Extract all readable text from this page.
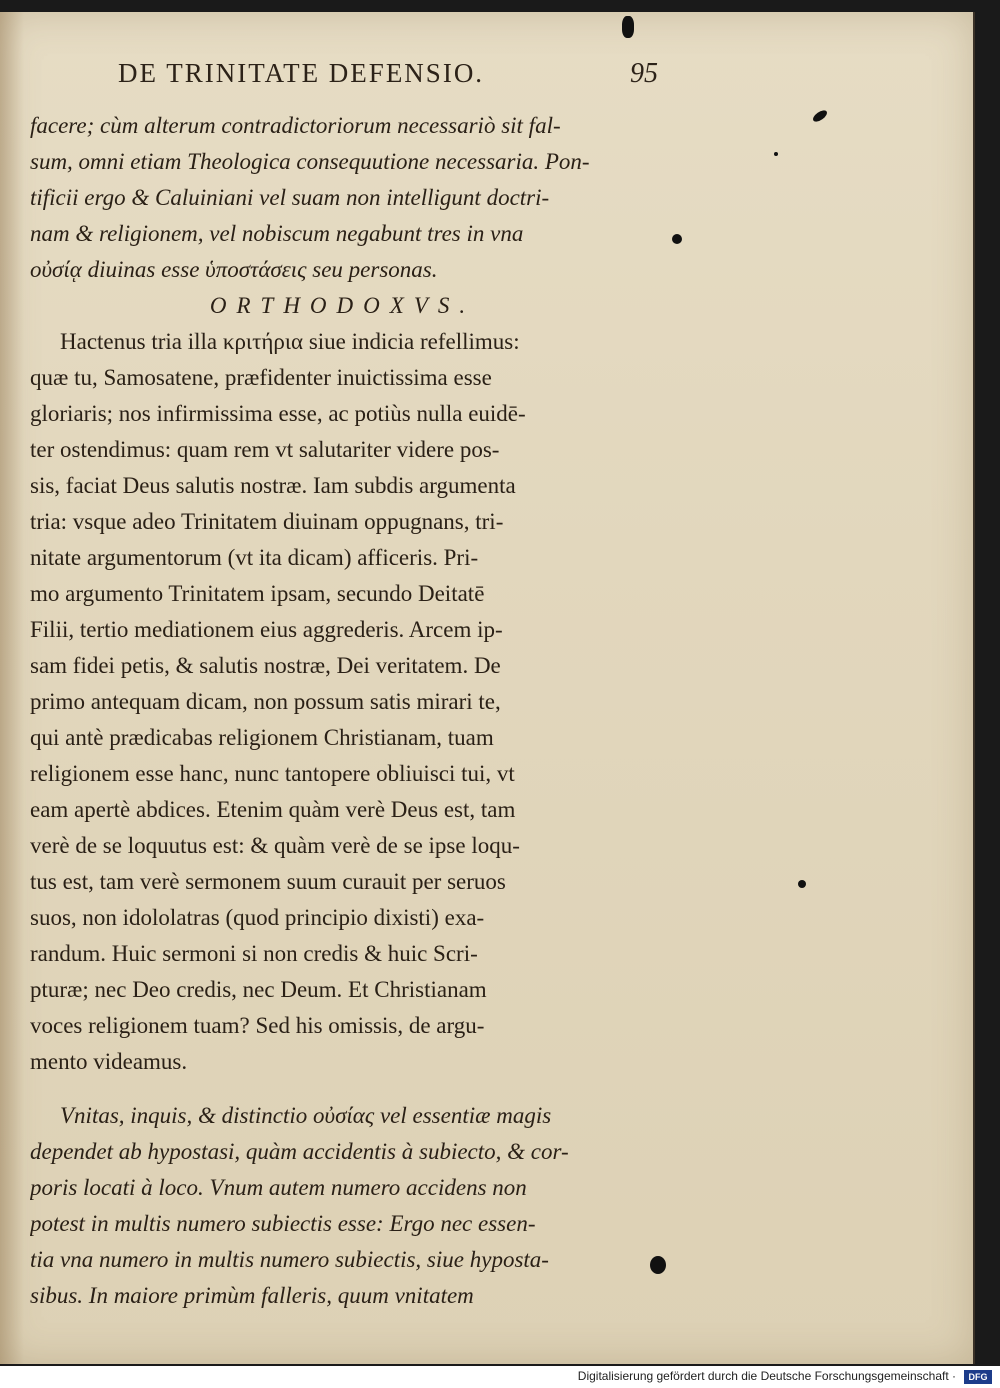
DE TRINITATE DEFENSIO.	95
facere; cùm alterum contradictoriorum necessariò sit fal-
sum, omni etiam Theologica consequutione necessaria. Pon-
tificii ergo & Caluiniani vel suam non intelligunt doctri-
nam & religionem, vel nobiscum negabunt tres in vna
οὐσίᾳ diuinas esse ὑποστάσεις seu personas.
ORTHODOXVS.
Hactenus tria illa κριτήρια siue indicia refellimus:
quæ tu, Samosatene, præfidenter inuictissima esse
gloriaris; nos infirmissima esse, ac potiùs nulla euidē-
ter ostendimus: quam rem vt salutariter videre pos-
sis, faciat Deus salutis nostræ. Iam subdis argumenta
tria: vsque adeo Trinitatem diuinam oppugnans, tri-
nitate argumentorum (vt ita dicam) afficeris. Pri-
mo argumento Trinitatem ipsam, secundo Deitatē
Filii, tertio mediationem eius aggrederis. Arcem ip-
sam fidei petis, & salutis nostræ, Dei veritatem. De
primo antequam dicam, non possum satis mirari te,
qui antè prædicabas religionem Christianam, tuam
religionem esse hanc, nunc tantopere obliuisci tui, vt
eam apertè abdices. Etenim quàm verè Deus est, tam
verè de se loquutus est: & quàm verè de se ipse loqu-
tus est, tam verè sermonem suum curauit per seruos
suos, non idololatras (quod principio dixisti) exa-
randum. Huic sermoni si non credis & huic Scri-
pturæ; nec Deo credis, nec Deum. Et Christianam
voces religionem tuam? Sed his omissis, de argu-
mento videamus.
Vnitas, inquis, & distinctio οὐσίας vel essentiæ magis
dependet ab hypostasi, quàm accidentis à subiecto, & cor-
poris locati à loco. Vnum autem numero accidens non
potest in multis numero subiectis esse: Ergo nec essen-
tia vna numero in multis numero subiectis, siue hyposta-
sibus. In maiore primùm falleris, quum vnitatem
Digitalisierung gefördert durch die Deutsche Forschungsgemeinschaft ·	DFG
